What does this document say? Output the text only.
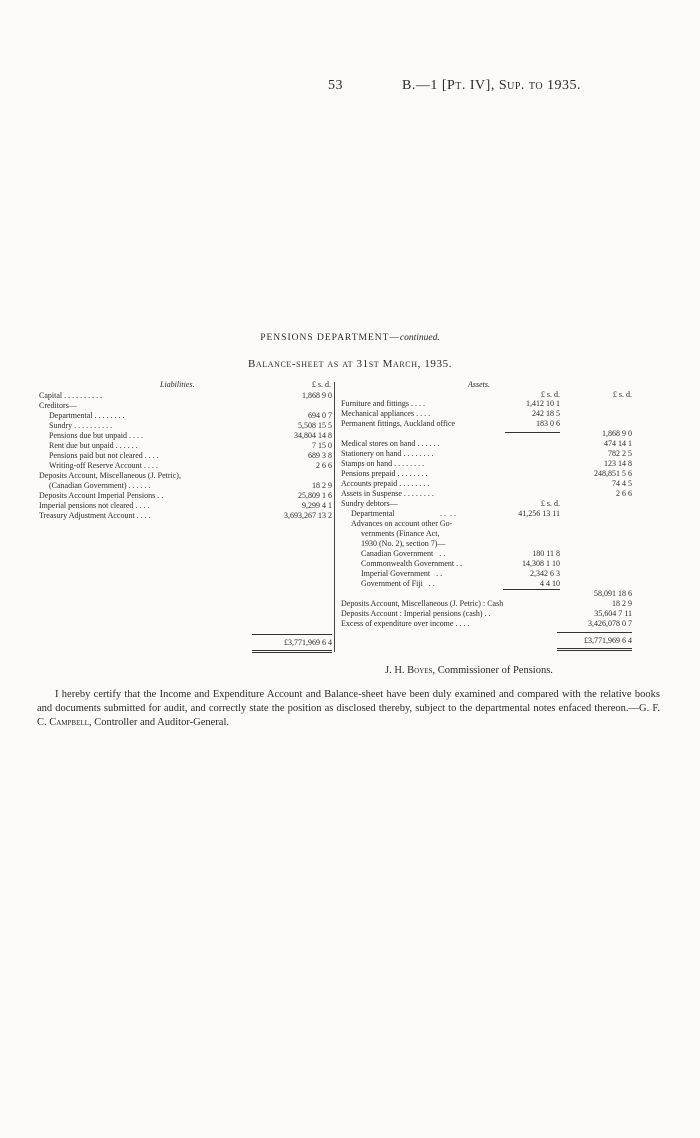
53	B.—1 [Pt. IV], Sup. to 1935.
PENSIONS DEPARTMENT—continued.
Balance-sheet as at 31st March, 1935.
Liabilities.	£ s. d.
Capital . . . . . . . . . .	1,868 9 0
Creditors—
Departmental . . . . . . . .	694 0 7
Sundry . . . . . . . . . .	5,508 15 5
Pensions due but unpaid . . . .	34,804 14 8
Rent due but unpaid . . . . . .	7 15 0
Pensions paid but not cleared . . . .	689 3 8
Writing-off Reserve Account . . . .	2 6 6
Deposits Account, Miscellaneous (J. Petric),
(Canadian Government) . . . . . .	18 2 9
Deposits Account Imperial Pensions . .	25,809 1 6
Imperial pensions not cleared . . . .	9,299 4 1
Treasury Adjustment Account . . . .	3,693,267 13 2
£3,771,969 6 4
Assets.
£ s. d.	£ s. d.
Furniture and fittings . . . .	1,412 10 1
Mechanical appliances . . . .	242 18 5
Permanent fittings, Auckland office	183 0 6
1,868 9 0
Medical stores on hand . . . . . .	474 14 1
Stationery on hand . . . . . . . .	782 2 5
Stamps on hand . . . . . . . .	123 14 8
Pensions prepaid . . . . . . . .	248,851 5 6
Accounts prepaid . . . . . . . .	74 4 5
Assets in Suspense . . . . . . . .	2 6 6
Sundry debtors—	£ s. d.
Departmental	. .  . .	41,256 13 11
Advances on account other Go-
vernments (Finance Act,
1930 (No. 2), section 7)—
Canadian Government . .	180 11 8
Commonwealth Government . .	14,308 1 10
Imperial Government . .	2,342 6 3
Government of Fiji . .	4 4 10
58,091 18 6
Deposits Account, Miscellaneous (J. Petric) : Cash	18 2 9
Deposits Account : Imperial pensions (cash) . .	35,604 7 11
Excess of expenditure over income . . . .	3,426,078 0 7
£3,771,969 6 4
J. H. Boyes, Commissioner of Pensions.
I hereby certify that the Income and Expenditure Account and Balance-sheet have been duly examined and compared with the relative books and documents submitted for audit, and correctly state the position as disclosed thereby, subject to the departmental notes enfaced thereon.—G. F. C. Campbell, Controller and Auditor-General.
